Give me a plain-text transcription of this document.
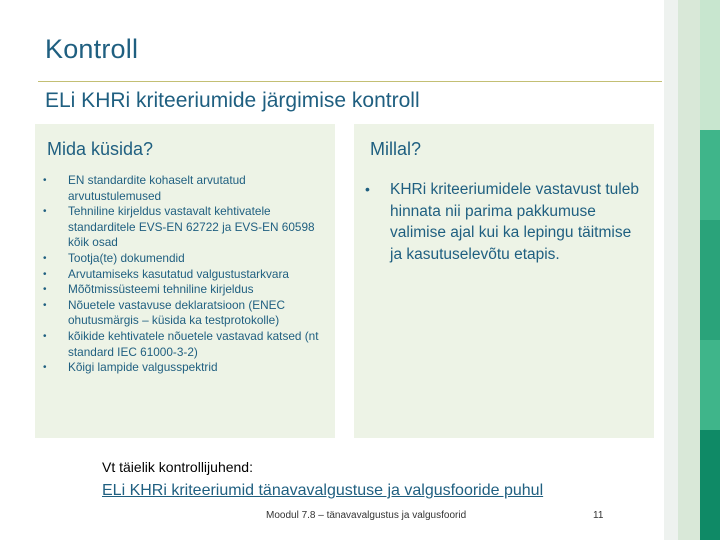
Kontroll
ELi KHRi kriteeriumide järgimise kontroll
Mida küsida?
• EN standardite kohaselt arvutatud arvutustulemused
• Tehniline kirjeldus vastavalt kehtivatele standarditele EVS-EN 62722 ja EVS-EN 60598 kõik osad
• Tootja(te) dokumendid
• Arvutamiseks kasutatud valgustustarkvara
• Mõõtmissüsteemi tehniline kirjeldus
• Nõuetele vastavuse deklaratsioon (ENEC ohutusmärgis – küsida ka testprotokolle)
• kõikide kehtivatele nõuetele vastavad katsed (nt standard IEC 61000-3-2)
• Kõigi lampide valgusspektrid
Millal?
• KHRi kriteeriumidele vastavust tuleb hinnata nii parima pakkumuse valimise ajal kui ka lepingu täitmise ja kasutuselevõtu etapis.
Vt täielik kontrollijuhend:
ELi KHRi kriteeriumid tänavavalgustuse ja valgusfooride puhul
Moodul 7.8 – tänavavalgustus ja valgusfoorid	11
